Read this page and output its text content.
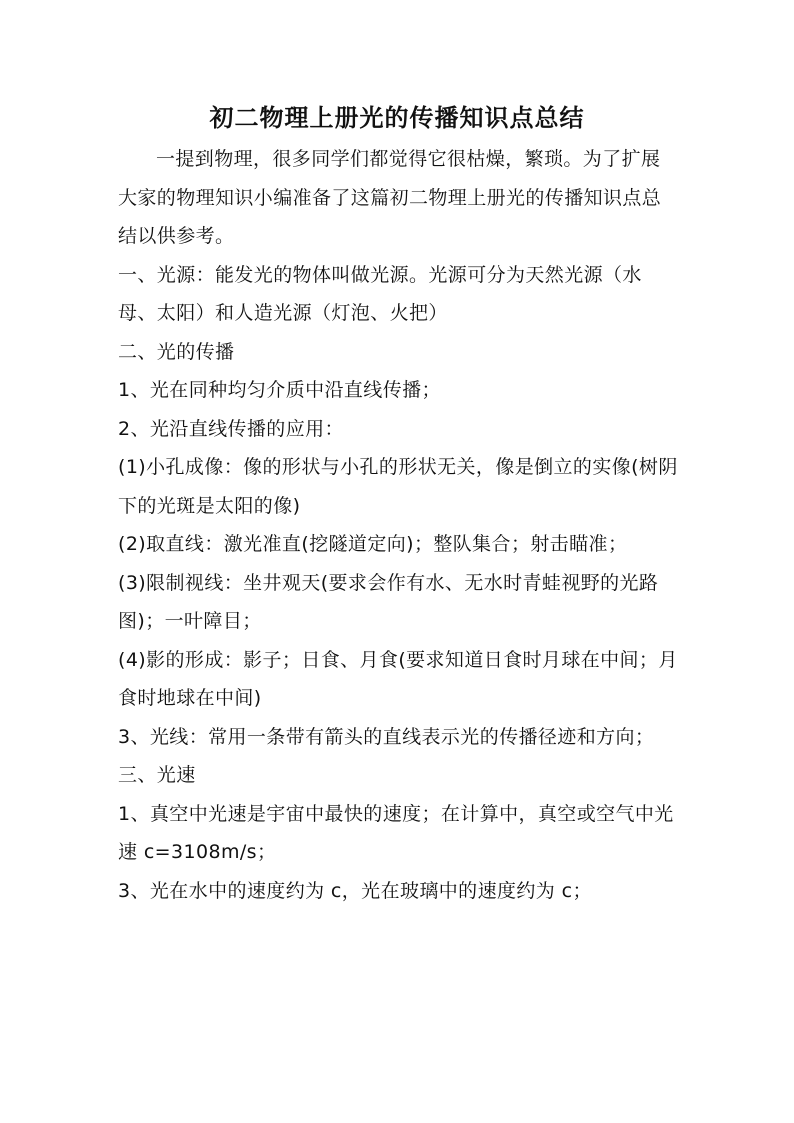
初二物理上册光的传播知识点总结

一提到物理，很多同学们都觉得它很枯燥，繁琐。为了扩展大家的物理知识小编准备了这篇初二物理上册光的传播知识点总结以供参考。

一、光源：能发光的物体叫做光源。光源可分为天然光源（水母、太阳）和人造光源（灯泡、火把）

二、光的传播

1、光在同种均匀介质中沿直线传播；

2、光沿直线传播的应用：

(1)小孔成像：像的形状与小孔的形状无关，像是倒立的实像(树阴下的光斑是太阳的像)

(2)取直线：激光准直(挖隧道定向)；整队集合；射击瞄准；

(3)限制视线：坐井观天(要求会作有水、无水时青蛙视野的光路图)；一叶障目；

(4)影的形成：影子；日食、月食(要求知道日食时月球在中间；月食时地球在中间)

3、光线：常用一条带有箭头的直线表示光的传播径迹和方向；

三、光速

1、真空中光速是宇宙中最快的速度；在计算中，真空或空气中光速 c=3108m/s；

3、光在水中的速度约为 c，光在玻璃中的速度约为 c；
